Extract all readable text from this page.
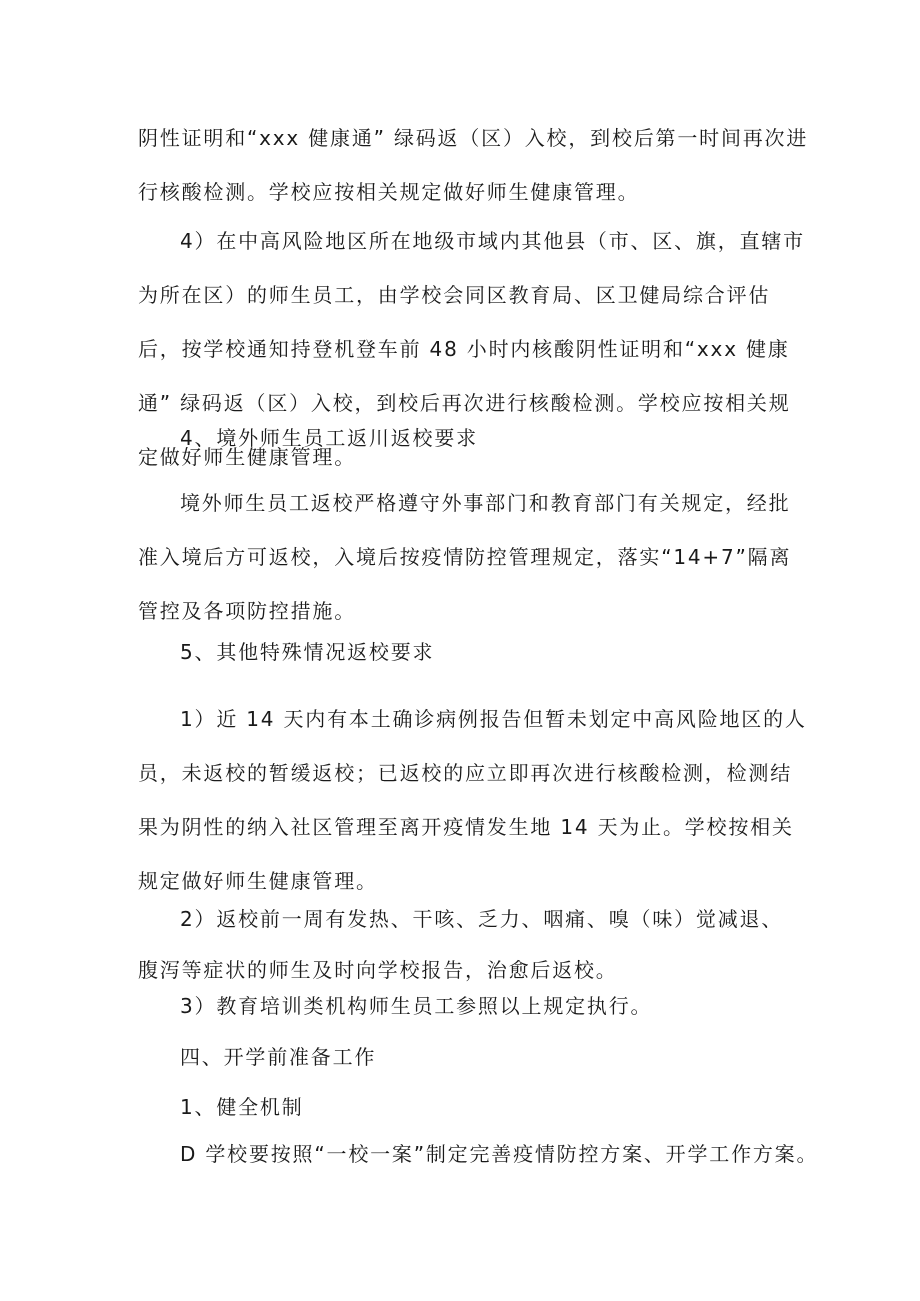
阴性证明和“xxx 健康通” 绿码返（区）入校，到校后第一时间再次进行核酸检测。学校应按相关规定做好师生健康管理。

4）在中高风险地区所在地级市域内其他县（市、区、旗，直辖市为所在区）的师生员工，由学校会同区教育局、区卫健局综合评估后，按学校通知持登机登车前 48 小时内核酸阴性证明和“xxx 健康通” 绿码返（区）入校，到校后再次进行核酸检测。学校应按相关规定做好师生健康管理。

4、境外师生员工返川返校要求

境外师生员工返校严格遵守外事部门和教育部门有关规定，经批准入境后方可返校，入境后按疫情防控管理规定，落实“14+7”隔离管控及各项防控措施。

5、其他特殊情况返校要求

1）近 14 天内有本土确诊病例报告但暂未划定中高风险地区的人员，未返校的暂缓返校；已返校的应立即再次进行核酸检测，检测结果为阴性的纳入社区管理至离开疫情发生地 14 天为止。学校按相关规定做好师生健康管理。

2）返校前一周有发热、干咳、乏力、咽痛、嗅（味）觉减退、

腹泻等症状的师生及时向学校报告，治愈后返校。

3）教育培训类机构师生员工参照以上规定执行。

四、开学前准备工作

1、健全机制

D 学校要按照“一校一案”制定完善疫情防控方案、开学工作方案。
